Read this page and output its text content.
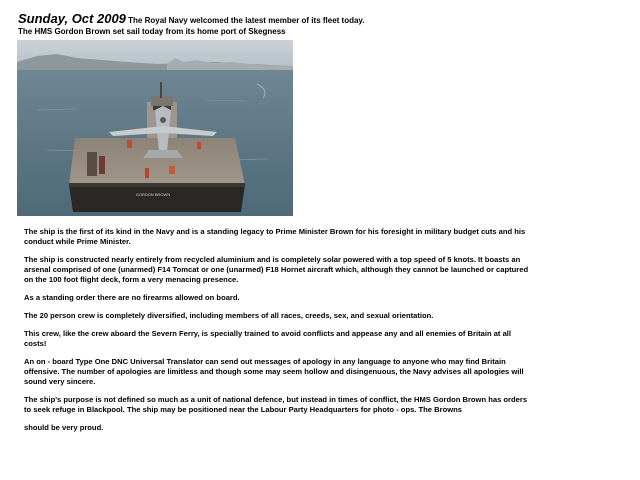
Sunday, Oct 2009 The Royal Navy welcomed the latest member of its fleet today. The HMS Gordon Brown set sail today from its home port of Skegness
GORDON BROWN

The ship is the first of its kind in the Navy and is a standing legacy to Prime Minister Brown for his foresight in military budget cuts and his conduct while Prime Minister.

The ship is constructed nearly entirely from recycled aluminium and is completely solar powered with a top speed of 5 knots. It boasts an arsenal comprised of one (unarmed) F14 Tomcat or one (unarmed) F18 Hornet aircraft which, although they cannot be launched or captured on the 100 foot flight deck, form a very menacing presence.

As a standing order there are no firearms allowed on board.

The 20 person crew is completely diversified, including members of all races, creeds, sex, and sexual orientation.

This crew, like the crew aboard the Severn Ferry, is specially trained to avoid conflicts and appease any and all enemies of Britain at all costs!

An on - board Type One DNC Universal Translator can send out messages of apology in any language to anyone who may find Britain offensive. The number of apologies are limitless and though some may seem hollow and disingenuous, the Navy advises all apologies will sound very sincere.

The ship's purpose is not defined so much as a unit of national defence, but instead in times of conflict, the HMS Gordon Brown has orders to seek refuge in Blackpool. The ship may be positioned near the Labour Party Headquarters for photo - ops. The Browns

should be very proud.
